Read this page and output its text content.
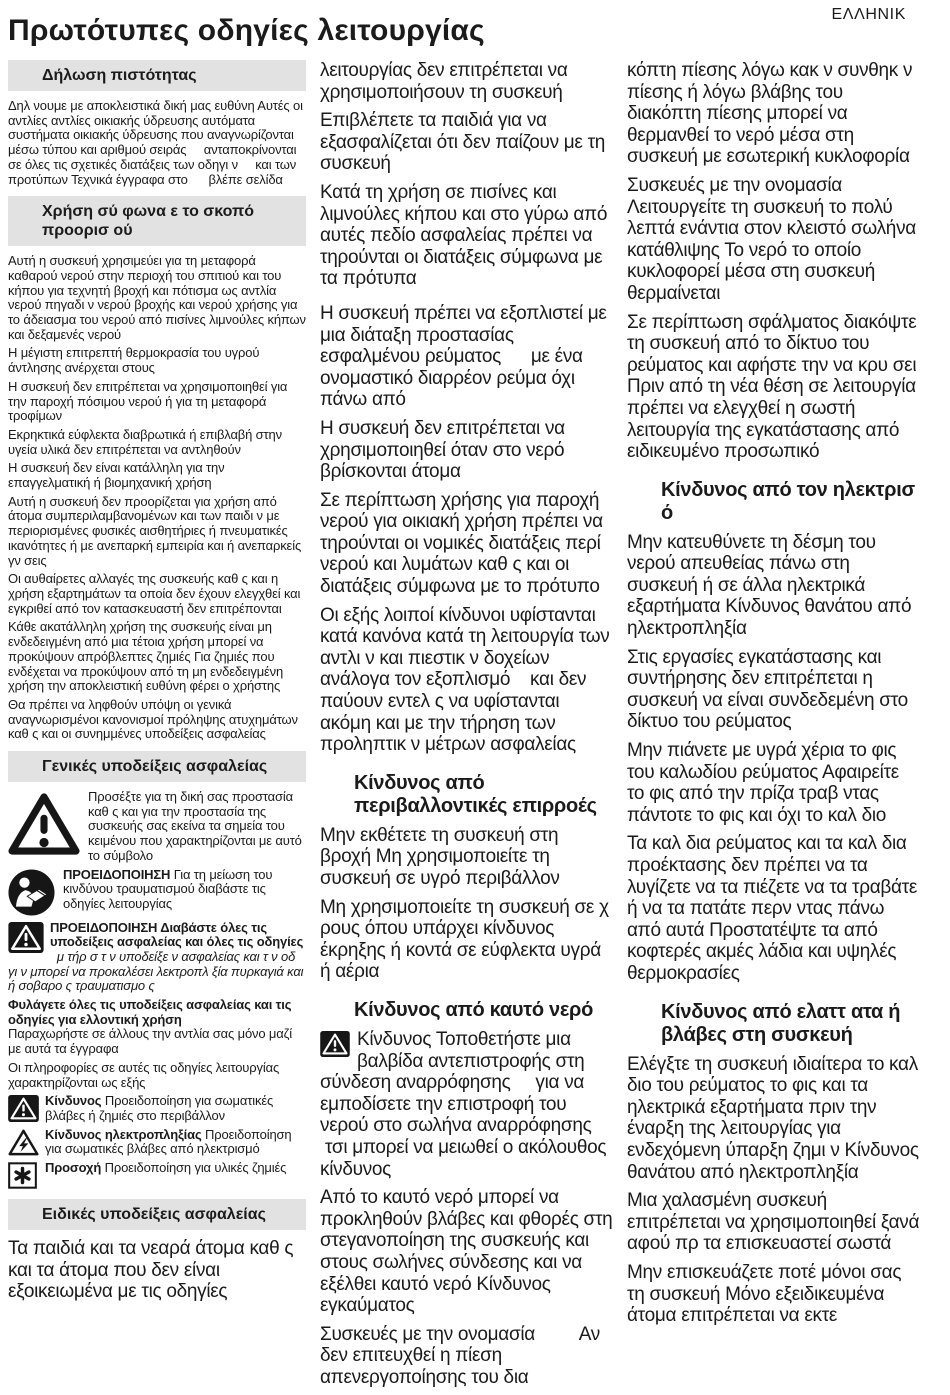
Πρωτότυπες οδηγίες λειτουργίας	ΕΛΛΗΝΙΚ
Δήλωση πιστότητας

Δηλ νουμε με αποκλειστικά δική μας ευθύνη Αυτές οι αντλίες αντλίες οικιακής ύδρευσης αυτόματα συστήματα οικιακής ύδρευσης που αναγνωρίζονται μέσω τύπου και αριθμού σειράς     ανταποκρίνονται σε όλες τις σχετικές διατάξεις των οδηγι ν     και των προτύπων Τεχνικά έγγραφα στο      βλέπε σελίδα

Χρήση σύ φωνα ε το σκοπό προορισ ού

Αυτή η συσκευή χρησιμεύει για τη μεταφορά καθαρού νερού στην περιοχή του σπιτιού και του κήπου για τεχνητή βροχή και πότισμα ως αντλία νερού πηγαδι ν νερού βροχής και νερού χρήσης για το άδειασμα του νερού από πισίνες λιμνούλες κήπων και δεξαμενές νερού

Η μέγιστη επιτρεπτή θερμοκρασία του υγρού άντλησης ανέρχεται στους

Η συσκευή δεν επιτρέπεται να χρησιμοποιηθεί για την παροχή πόσιμου νερού ή για τη μεταφορά τροφίμων

Εκρηκτικά εύφλεκτα διαβρωτικά ή επιβλαβή στην υγεία υλικά δεν επιτρέπεται να αντληθούν

Η συσκευή δεν είναι κατάλληλη για την επαγγελματική ή βιομηχανική χρήση

Αυτή η συσκευή δεν προορίζεται για χρήση από άτομα συμπεριλαμβανομένων και των παιδι ν με περιορισμένες φυσικές αισθητήριες ή πνευματικές ικανότητες ή με ανεπαρκή εμπειρία και ή ανεπαρκείς γν σεις

Οι αυθαίρετες αλλαγές της συσκευής καθ ς και η χρήση εξαρτημάτων τα οποία δεν έχουν ελεγχθεί και εγκριθεί από τον κατασκευαστή δεν επιτρέπονται

Κάθε ακατάλληλη χρήση της συσκευής είναι μη ενδεδειγμένη από μια τέτοια χρήση μπορεί να προκύψουν απρόβλεπτες ζημιές Για ζημιές που ενδέχεται να προκύψουν από τη μη ενδεδειγμένη χρήση την αποκλειστική ευθύνη φέρει ο χρήστης

Θα πρέπει να ληφθούν υπόψη οι γενικά αναγνωρισμένοι κανονισμοί πρόληψης ατυχημάτων καθ ς και οι συνημμένες υποδείξεις ασφαλείας

Γενικές υποδείξεις ασφαλείας
Προσέξτε για τη δική σας προστασία καθ ς και για την προστασία της συσκευής σας εκείνα τα σημεία του κειμένου που χαρακτηρίζονται με αυτό το σύμβολο
ΠΡΟΕΙΔΟΠΟΙΗΣΗ Για τη μείωση του κινδύνου τραυματισμού διαβάστε τις οδηγίες λειτουργίας
ΠΡΟΕΙΔΟΠΟΙΗΣΗ Διαβάστε όλες τις υποδείξεις ασφαλείας και όλες τις οδηγίες   μ τήρ σ τ ν υποδείξε ν ασφαλείας και τ ν οδ γι ν μπορεί να προκαλέσει λεκτροπλ ξία πυρκαγιά και ή σοβαρο ς τραυματισμο ς

Φυλάγετε όλες τις υποδείξεις ασφαλείας και τις οδηγίες για ελλοντική χρήση

Παραχωρήστε σε άλλους την αντλία σας μόνο μαζί με αυτά τα έγγραφα

Οι πληροφορίες σε αυτές τις οδηγίες λειτουργίας χαρακτηρίζονται ως εξής

Κίνδυνος Προειδοποίηση για σωματικές βλάβες ή ζημιές στο περιβάλλον
Κίνδυνος ηλεκτροπληξίας Προειδοποίηση για σωματικές βλάβες από ηλεκτρισμό
Προσοχή Προειδοποίηση για υλικές ζημιές
Ειδικές υποδείξεις ασφαλείας

Τα παιδιά και τα νεαρά άτομα καθ ς και τα άτομα που δεν είναι εξοικειωμένα με τις οδηγίες

λειτουργίας δεν επιτρέπεται να χρησιμοποιήσουν τη συσκευή

Επιβλέπετε τα παιδιά για να εξασφαλίζεται ότι δεν παίζουν με τη συσκευή

Κατά τη χρήση σε πισίνες και λιμνούλες κήπου και στο γύρω από αυτές πεδίο ασφαλείας πρέπει να τηρούνται οι διατάξεις σύμφωνα με τα πρότυπα

Η συσκευή πρέπει να εξοπλιστεί με μια διάταξη προστασίας εσφαλμένου ρεύματος      με ένα ονομαστικό διαρρέον ρεύμα όχι πάνω από

Η συσκευή δεν επιτρέπεται να χρησιμοποιηθεί όταν στο νερό βρίσκονται άτομα

Σε περίπτωση χρήσης για παροχή νερού για οικιακή χρήση πρέπει να τηρούνται οι νομικές διατάξεις περί νερού και λυμάτων καθ ς και οι διατάξεις σύμφωνα με το πρότυπο

Οι εξής λοιποί κίνδυνοι υφίστανται κατά κανόνα κατά τη λειτουργία των αντλι ν και πιεστικ ν δοχείων ανάλογα τον εξοπλισμό    και δεν παύουν εντελ ς να υφίστανται ακόμη και με την τήρηση των προληπτικ ν μέτρων ασφαλείας

Κίνδυνος από περιβαλλοντικές επιρροές

Μην εκθέτετε τη συσκευή στη βροχή Μη χρησιμοποιείτε τη συσκευή σε υγρό περιβάλλον

Μη χρησιμοποιείτε τη συσκευή σε χ ρους όπου υπάρχει κίνδυνος έκρηξης ή κοντά σε εύφλεκτα υγρά ή αέρια

Κίνδυνος από καυτό νερό
Κίνδυνος Τοποθετήστε μια βαλβίδα αντεπιστροφής στη σύνδεση αναρρόφησης     για να εμποδίσετε την επιστροφή του νερού στο σωλήνα αναρρόφησης  τσι μπορεί να μειωθεί ο ακόλουθος κίνδυνος

Από το καυτό νερό μπορεί να προκληθούν βλάβες και φθορές στη στεγανοποίηση της συσκευής και στους σωλήνες σύνδεσης και να εξέλθει καυτό νερό Κίνδυνος εγκαύματος

Συσκευές με την ονομασία         Αν δεν επιτευχθεί η πίεση απενεργοποίησης του δια

κόπτη πίεσης λόγω κακ ν συνθηκ ν πίεσης ή λόγω βλάβης του διακόπτη πίεσης μπορεί να θερμανθεί το νερό μέσα στη συσκευή με εσωτερική κυκλοφορία

Συσκευές με την ονομασία    Λειτουργείτε τη συσκευή το πολύ    λεπτά ενάντια στον κλειστό σωλήνα κατάθλιψης Το νερό το οποίο κυκλοφορεί μέσα στη συσκευή θερμαίνεται

Σε περίπτωση σφάλματος διακόψτε τη συσκευή από το δίκτυο του ρεύματος και αφήστε την να κρυ σει Πριν από τη νέα θέση σε λειτουργία πρέπει να ελεγχθεί η σωστή λειτουργία της εγκατάστασης από ειδικευμένο προσωπικό

Κίνδυνος από τον ηλεκτρισ ό

Μην κατευθύνετε τη δέσμη του νερού απευθείας πάνω στη συσκευή ή σε άλλα ηλεκτρικά εξαρτήματα Κίνδυνος θανάτου από ηλεκτροπληξία

Στις εργασίες εγκατάστασης και συντήρησης δεν επιτρέπεται η συσκευή να είναι συνδεδεμένη στο δίκτυο του ρεύματος

Μην πιάνετε με υγρά χέρια το φις του καλωδίου ρεύματος Αφαιρείτε το φις από την πρίζα τραβ ντας πάντοτε το φις και όχι το καλ διο

Τα καλ δια ρεύματος και τα καλ δια προέκτασης δεν πρέπει να τα λυγίζετε να τα πιέζετε να τα τραβάτε ή να τα πατάτε περν ντας πάνω από αυτά Προστατέψτε τα από κοφτερές ακμές λάδια και υψηλές θερμοκρασίες

Κίνδυνος από ελαττ ατα ή βλάβες στη συσκευή

Ελέγξτε τη συσκευή ιδιαίτερα το καλ διο του ρεύματος το φις και τα ηλεκτρικά εξαρτήματα πριν την έναρξη της λειτουργίας για ενδεχόμενη ύπαρξη ζημι ν Κίνδυνος θανάτου από ηλεκτροπληξία

Μια χαλασμένη συσκευή επιτρέπεται να χρησιμοποιηθεί ξανά αφού πρ τα επισκευαστεί σωστά

Μην επισκευάζετε ποτέ μόνοι σας τη συσκευή Μόνο εξειδικευμένα άτομα επιτρέπεται να εκτε
